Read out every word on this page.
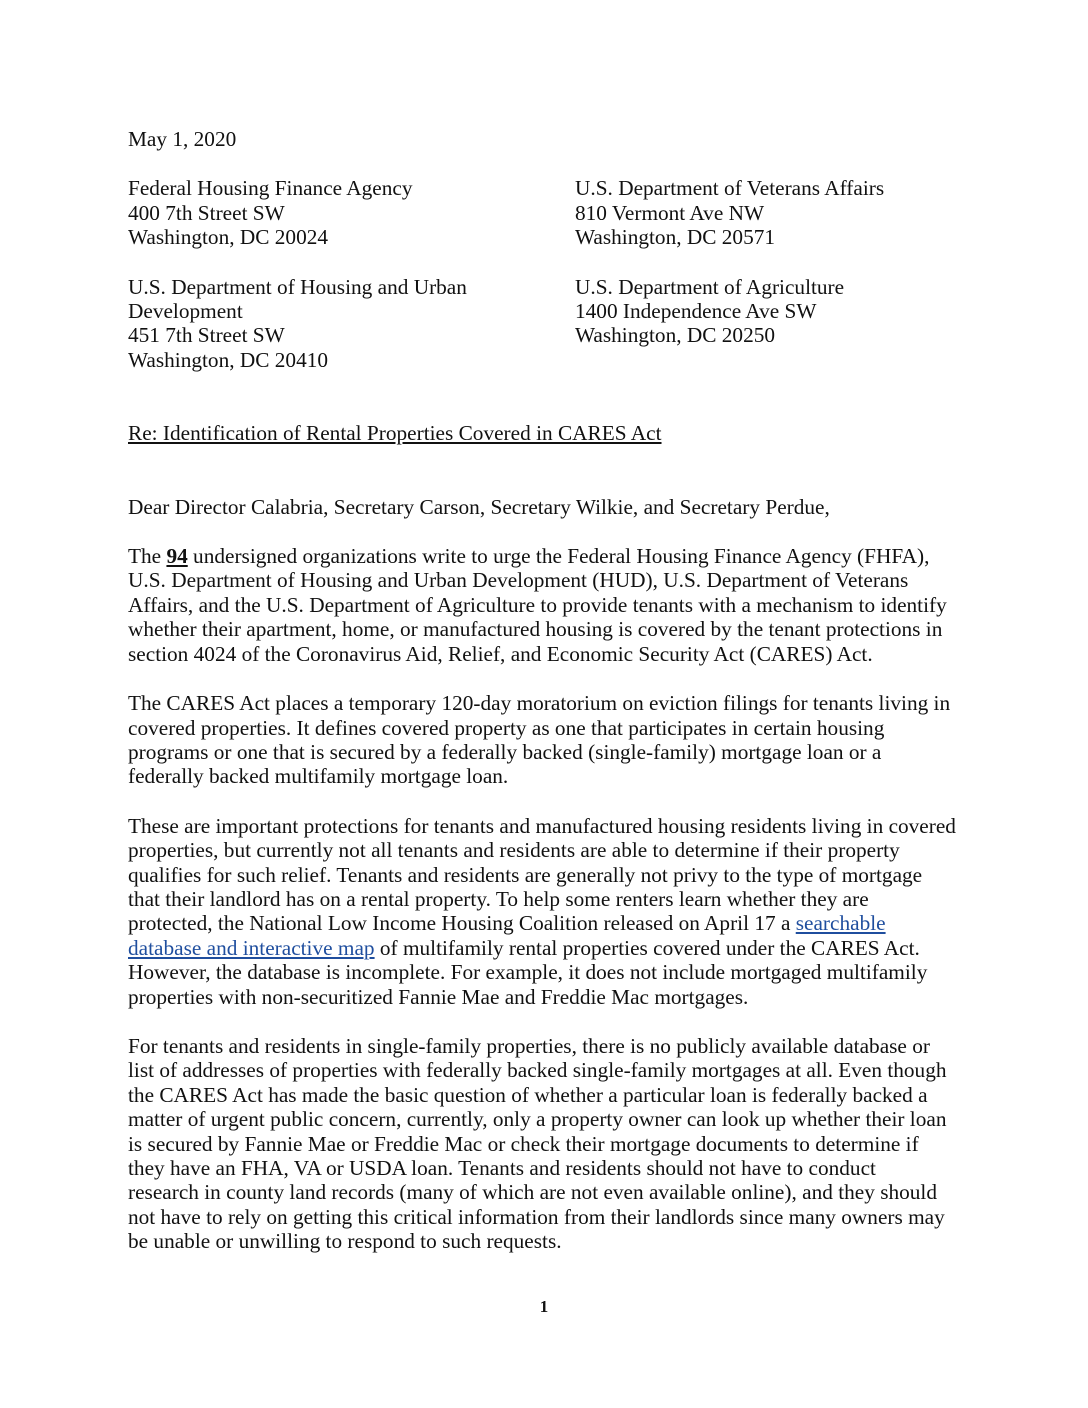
May 1, 2020
Federal Housing Finance Agency
400 7th Street SW
Washington, DC 20024
U.S. Department of Veterans Affairs
810 Vermont Ave NW
Washington, DC 20571
U.S. Department of Housing and Urban
Development
451 7th Street SW
Washington, DC 20410
U.S. Department of Agriculture
1400 Independence Ave SW
Washington, DC 20250
Re: Identification of Rental Properties Covered in CARES Act
Dear Director Calabria, Secretary Carson, Secretary Wilkie, and Secretary Perdue,

The 94 undersigned organizations write to urge the Federal Housing Finance Agency (FHFA),
U.S. Department of Housing and Urban Development (HUD), U.S. Department of Veterans
Affairs, and the U.S. Department of Agriculture to provide tenants with a mechanism to identify
whether their apartment, home, or manufactured housing is covered by the tenant protections in
section 4024 of the Coronavirus Aid, Relief, and Economic Security Act (CARES) Act.

The CARES Act places a temporary 120-day moratorium on eviction filings for tenants living in
covered properties. It defines covered property as one that participates in certain housing
programs or one that is secured by a federally backed (single-family) mortgage loan or a
federally backed multifamily mortgage loan.

These are important protections for tenants and manufactured housing residents living in covered
properties, but currently not all tenants and residents are able to determine if their property
qualifies for such relief. Tenants and residents are generally not privy to the type of mortgage
that their landlord has on a rental property. To help some renters learn whether they are
protected, the National Low Income Housing Coalition released on April 17 a searchable
database and interactive map of multifamily rental properties covered under the CARES Act.
However, the database is incomplete. For example, it does not include mortgaged multifamily
properties with non-securitized Fannie Mae and Freddie Mac mortgages.

For tenants and residents in single-family properties, there is no publicly available database or
list of addresses of properties with federally backed single-family mortgages at all. Even though
the CARES Act has made the basic question of whether a particular loan is federally backed a
matter of urgent public concern, currently, only a property owner can look up whether their loan
is secured by Fannie Mae or Freddie Mac or check their mortgage documents to determine if
they have an FHA, VA or USDA loan. Tenants and residents should not have to conduct
research in county land records (many of which are not even available online), and they should
not have to rely on getting this critical information from their landlords since many owners may
be unable or unwilling to respond to such requests.

1
